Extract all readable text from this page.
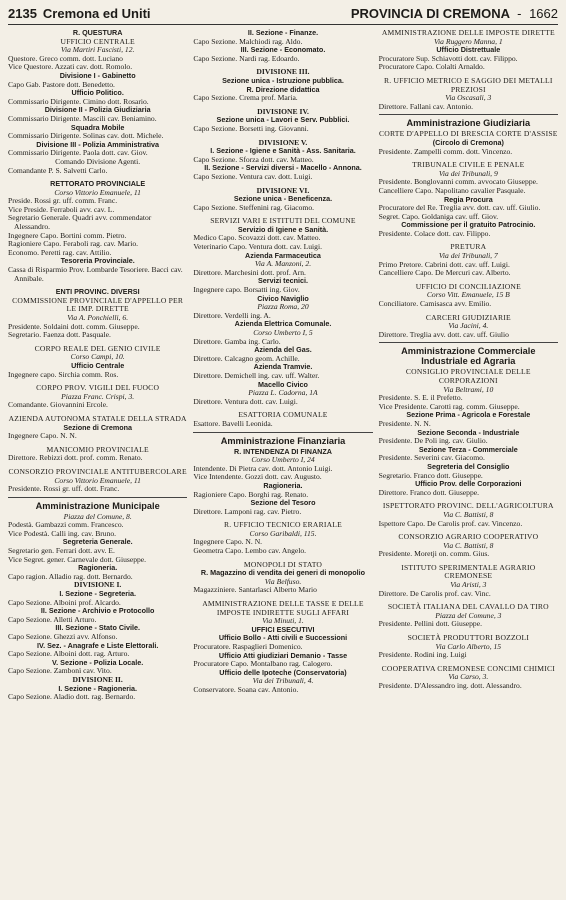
2135 Cremona ed Uniti	PROVINCIA DI CREMONA - 1662

R. QUESTURA

UFFICIO CENTRALE

Via Martiri Fascisti, 12.

Questore. Greco comm. dott. Luciano

Vice Questore. Azzati cav. dott. Romolo.

Divisione I - Gabinetto

Capo Gab. Pastore dott. Benedetto.

Ufficio Politico.

Commissario Dirigente. Cimino dott. Rosario.

Divisione II - Polizia Giudiziaria

Commissario Dirigente. Mascili cav. Beniamino.

Squadra Mobile

Commissario Dirigente. Solinas cav. dott. Michele.

Divisione III - Polizia Amministrativa

Commissario Dirigente. Paola dott. cav. Giov.

Comando Divisione Agenti.

Comandante P. S. Salvetti Carlo.

RETTORATO PROVINCIALE

Corso Vittorio Emanuele, 11

Preside. Rossi gr. uff. comm. Franc.

Vice Preside. Ferraboli avv. cav. L.

Segretario Generale. Quadri avv. commendator Alessandro.

Ingegnere Capo. Bortini comm. Pietro.

Ragioniere Capo. Feraboli rag. cav. Mario.

Economo. Peretti rag. cav. Attilio.

Tesoreria Provinciale.

Cassa di Risparmio Prov. Lombarde Tesoriere. Bacci cav. Annibale.

ENTI PROVINC. DIVERSI

COMMISSIONE PROVINCIALE D'APPELLO PER LE IMP. DIRETTE

Via A. Ponchielli, 6.

Presidente. Soldaini dott. comm. Giuseppe.

Segretario. Faenza dott. Pasquale.

CORPO REALE DEL GENIO CIVILE

Corso Campi, 10.

Ufficio Centrale

Ingegnere capo. Sirchia comm. Ros.

CORPO PROV. VIGILI DEL FUOCO

Piazza Franc. Crispi, 3.

Comandante. Giovannini Ercole.

AZIENDA AUTONOMA STATALE DELLA STRADA

Sezione di Cremona

Ingegnere Capo. N. N.

MANICOMIO PROVINCIALE

Direttore. Rebizzi dott. prof. comm. Renato.

CONSORZIO PROVINCIALE ANTITUBERCOLARE

Corso Vittorio Emanuele, 11

Presidente. Rossi gr. uff. dott. Franc.

Amministrazione Municipale

Piazza del Comune, 8.

Podestà. Gambazzi comm. Francesco.

Vice Podestà. Calli ing. cav. Bruno.

Segreteria Generale.

Segretario gen. Ferrari dott. avv. E.

Vice Segret. gener. Carnevale dott. Giuseppe.

Ragioneria.

Capo ragion. Alladio rag. dott. Bernardo.

DIVISIONE I.

I. Sezione - Segreteria.

Capo Sezione. Alboini prof. Alcardo.

II. Sezione - Archivio e Protocollo

Capo Sezione. Alletti Arturo.

III. Sezione - Stato Civile.

Capo Sezione. Ghezzi avv. Alfonso.

IV. Sez. - Anagrafe e Liste Elettorali.

Capo Sezione. Alboini dott. rag. Arturo.

V. Sezione - Polizia Locale.

Capo Sezione. Zambonì cav. Vito.

DIVISIONE II.

I. Sezione - Ragioneria.

Capo Sezione. Aladio dott. rag. Bernardo.

II. Sezione - Finanze.

Capo Sezione. Malchiodi rag. Aldo.

III. Sezione - Economato.

Capo Sezione. Nardi rag. Edoardo.

DIVISIONE III.

Sezione unica - Istruzione pubblica.

R. Direzione didattica

Capo Sezione. Crema prof. Maria.

DIVISIONE IV.

Sezione unica - Lavori e Serv. Pubblici.

Capo Sezione. Borsetti ing. Giovanni.

DIVISIONE V.

I. Sezione - Igiene e Sanità - Ass. Sanitaria.

Capo Sezione. Sforza dott. cav. Matteo.

II. Sezione - Servizi diversi - Macello - Annona.

Capo Sezione. Ventura cav. dott. Luigi.

DIVISIONE VI.

Sezione unica - Beneficenza.

Capo Sezione. Steffenini rag. Giacomo.

SERVIZI VARI E ISTITUTI DEL COMUNE

Servizio di Igiene e Sanità.

Medico Capo. Scovazzi dott. cav. Matteo.

Veterinario Capo. Ventura dott. cav. Luigi.

Azienda Farmaceutica

Via A. Manzoni, 2.

Direttore. Marchesini dott. prof. Arn.

Servizi tecnici.

Ingegnere capo. Borsatti ing. Giov.

Civico Naviglio

Piazza Roma, 20

Direttore. Verdelli ing. A.

Azienda Elettrica Comunale.

Corso Umberto I, 5

Direttore. Gamba ing. Carlo.

Azienda del Gas.

Direttore. Calcagno geom. Achille.

Azienda Tramvie.

Direttore. Demichell ing. cav. uff. Walter.

Macello Civico

Piazza L. Cadorna, 1A

Direttore. Ventura dott. cav. Luigi.

ESATTORIA COMUNALE

Esattore. Bavelli Leonida.

Amministrazione Finanziaria

R. INTENDENZA DI FINANZA

Corso Umberto I, 24

Intendente. Di Pietra cav. dott. Antonio Luigi.

Vice Intendente. Gozzi dott. cav. Augusto.

Ragioneria.

Ragioniere Capo. Borghi rag. Renato.

Sezione del Tesoro

Direttore. Lamponi rag. cav. Pietro.

R. UFFICIO TECNICO ERARIALE

Corso Garibaldi, 115.

Ingegnere Capo. N. N.

Geometra Capo. Lembo cav. Angelo.

MONOPOLI DI STATO

R. Magazzino di vendita dei generi di monopolio

Via Belfuso.

Magazziniere. Santarlasci Alberto Mario

AMMINISTRAZIONE DELLE TASSE E DELLE IMPOSTE INDIRETTE SUGLI AFFARI

Via Minuti, 1.

UFFICI ESECUTIVI

Ufficio Bollo - Atti civili e Successioni

Procuratore. Raspaglieri Domenico.

Ufficio Atti giudiziari Demanio - Tasse

Procuratore Capo. Montalbano rag. Calogero.

Ufficio delle Ipoteche (Conservatoria)

Via dei Tribunali, 4.

Conservatore. Soana cav. Antonio.

AMMINISTRAZIONE DELLE IMPOSTE DIRETTE

Via Ruggero Manna, 1

Ufficio Distrettuale

Procuratore Sup. Schiavotti dott. cav. Filippo.

Procuratore Capo. Colalti Arnaldo.

R. UFFICIO METRICO E SAGGIO DEI METALLI PREZIOSI

Via Oscasali, 3

Direttore. Fallani cav. Antonio.

Amministrazione Giudiziaria

CORTE D'APPELLO DI BRESCIA CORTE D'ASSISE

(Circolo di Cremona)

Presidente. Zampelli comm. dott. Vincenzo.

TRIBUNALE CIVILE E PENALE

Via dei Tribunali, 9

Presidente. Bonglovanni comm. avvocato Giuseppe.

Cancelliere Capo. Napolitano cavalier Pasquale.

Regia Procura

Procuratore del Re. Treglia avv. dott. cav. uff. Giulio.

Segret. Capo. Goldaniga cav. uff. Giov.

Commissione per il gratuito Patrocinio.

Presidente. Colace dott. cav. Filippo.

PRETURA

Via dei Tribunali, 7

Primo Pretore. Cabrini dott. cav. uff. Luigi.

Cancelliere Capo. De Mercuri cav. Alberto.

UFFICIO DI CONCILIAZIONE

Corso Vitt. Emanuele, 15 B

Conciliatore. Camisasca avv. Emilio.

CARCERI GIUDIZIARIE

Via Jacini, 4.

Direttore. Treglia avv. dott. cav. uff. Giulio

Amministrazione Commerciale Industriale ed Agraria

CONSIGLIO PROVINCIALE DELLE CORPORAZIONI

Via Beltrami, 10

Presidente. S. E. il Prefetto.

Vice Presidente. Carotti rag. comm. Giuseppe.

Sezione Prima - Agricola e Forestale

Presidente. N. N.

Sezione Seconda - Industriale

Presidente. De Poli ing. cav. Giulio.

Sezione Terza - Commerciale

Presidente. Severini cav. Giacomo.

Segreteria del Consiglio

Segretario. Franco dott. Giuseppe.

Ufficio Prov. delle Corporazioni

Direttore. Franco dott. Giuseppe.

ISPETTORATO PROVINC. DELL'AGRICOLTURA

Via C. Battisti, 8

Ispettore Capo. De Carolis prof. cav. Vincenzo.

CONSORZIO AGRARIO COOPERATIVO

Via C. Battisti, 8

Presidente. Moretji on. comm. Gius.

ISTITUTO SPERIMENTALE AGRARIO CREMONESE

Via Aristi, 3

Direttore. De Carolis prof. cav. Vinc.

SOCIETÀ ITALIANA DEL CAVALLO DA TIRO

Piazza del Comune, 3

Presidente. Pellini dott. Giuseppe.

SOCIETÀ PRODUTTORI BOZZOLI

Via Carlo Alberto, 15

Presidente. Rodini ing. Luigi

COOPERATIVA CREMONESE CONCIMI CHIMICI

Via Carso, 3.

Presidente. D'Alessandro ing. dott. Alessandro.
